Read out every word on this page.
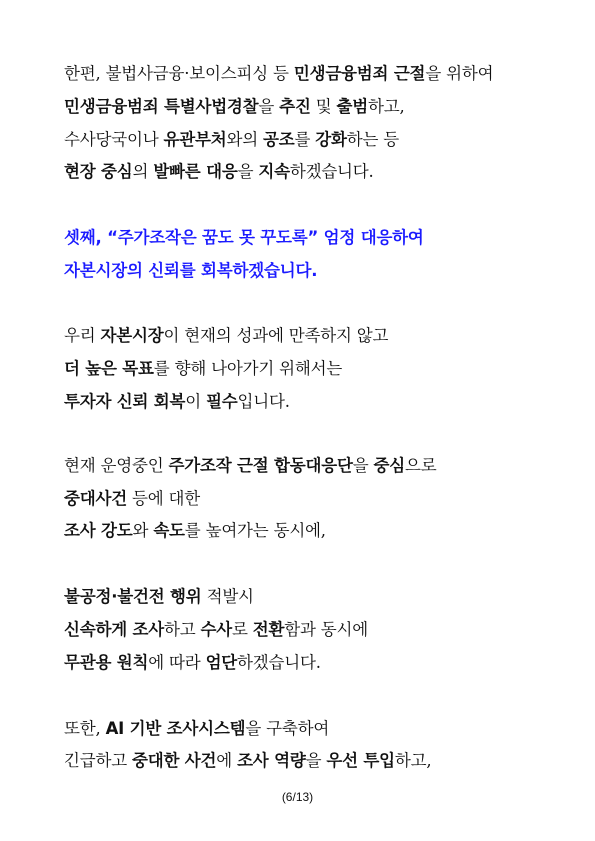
한편, 불법사금융·보이스피싱 등 민생금융범죄 근절을 위하여
민생금융범죄 특별사법경찰을 추진 및 출범하고,
수사당국이나 유관부처와의 공조를 강화하는 등
현장 중심의 발빠른 대응을 지속하겠습니다.
셋째, “주가조작은 꿈도 못 꾸도록” 엄정 대응하여
자본시장의 신뢰를 회복하겠습니다.
우리 자본시장이 현재의 성과에 만족하지 않고
더 높은 목표를 향해 나아가기 위해서는
투자자 신뢰 회복이 필수입니다.
현재 운영중인 주가조작 근절 합동대응단을 중심으로
중대사건 등에 대한
조사 강도와 속도를 높여가는 동시에,
불공정·불건전 행위 적발시
신속하게 조사하고 수사로 전환함과 동시에
무관용 원칙에 따라 엄단하겠습니다.
또한, AI 기반 조사시스템을 구축하여
긴급하고 중대한 사건에 조사 역량을 우선 투입하고,
(6/13)
